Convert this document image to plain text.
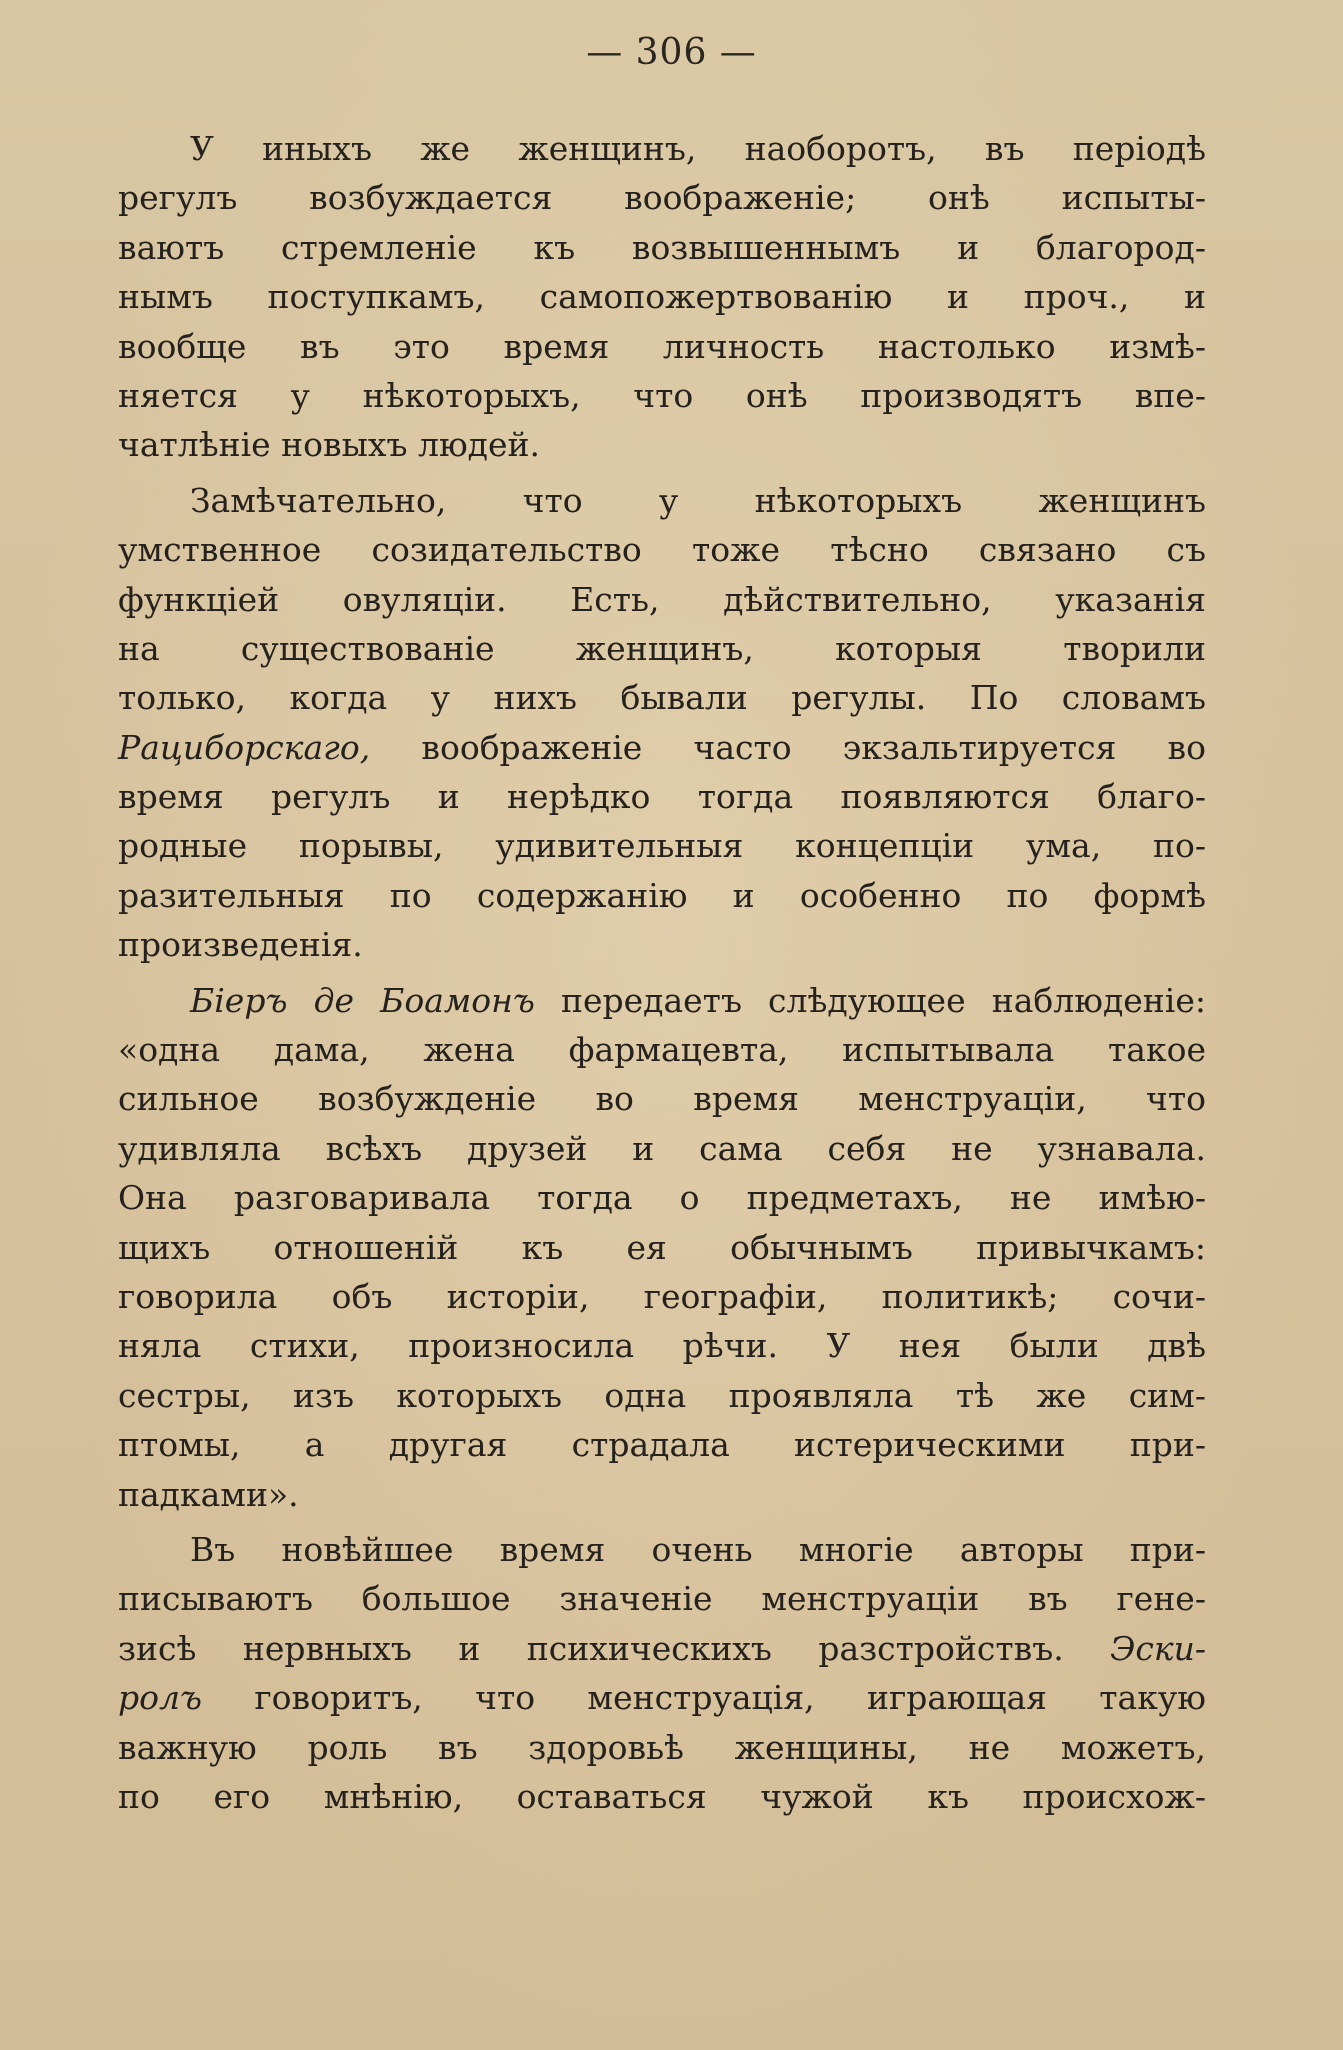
— 306 —
У иныхъ же женщинъ, наоборотъ, въ періодѣ
регулъ возбуждается воображеніе; онѣ испыты-
ваютъ стремленіе къ возвышеннымъ и благород-
нымъ поступкамъ, самопожертвованію и проч., и
вообще въ это время личность настолько измѣ-
няется у нѣкоторыхъ, что онѣ производятъ впе-
чатлѣніе новыхъ людей.
Замѣчательно, что у нѣкоторыхъ женщинъ
умственное созидательство тоже тѣсно связано съ
функціей овуляціи. Есть, дѣйствительно, указанія
на существованіе женщинъ, которыя творили
только, когда у нихъ бывали регулы. По словамъ
Рациборскаго, воображеніе часто экзальтируется во
время регулъ и нерѣдко тогда появляются благо-
родные порывы, удивительныя концепціи ума, по-
разительныя по содержанію и особенно по формѣ
произведенія.
Біеръ де Боамонъ передаетъ слѣдующее наблюденіе:
«одна дама, жена фармацевта, испытывала такое
сильное возбужденіе во время менструаціи, что
удивляла всѣхъ друзей и сама себя не узнавала.
Она разговаривала тогда о предметахъ, не имѣю-
щихъ отношеній къ ея обычнымъ привычкамъ:
говорила объ исторіи, географіи, политикѣ; сочи-
няла стихи, произносила рѣчи. У нея были двѣ
сестры, изъ которыхъ одна проявляла тѣ же сим-
птомы, а другая страдала истерическими при-
падками».
Въ новѣйшее время очень многіе авторы при-
писываютъ большое значеніе менструаціи въ генe-
зисѣ нервныхъ и психическихъ разстройствъ. Эски-
ролъ говоритъ, что менструація, играющая такую
важную роль въ здоровьѣ женщины, не можетъ,
по его мнѣнію, оставаться чужой къ происхож-
